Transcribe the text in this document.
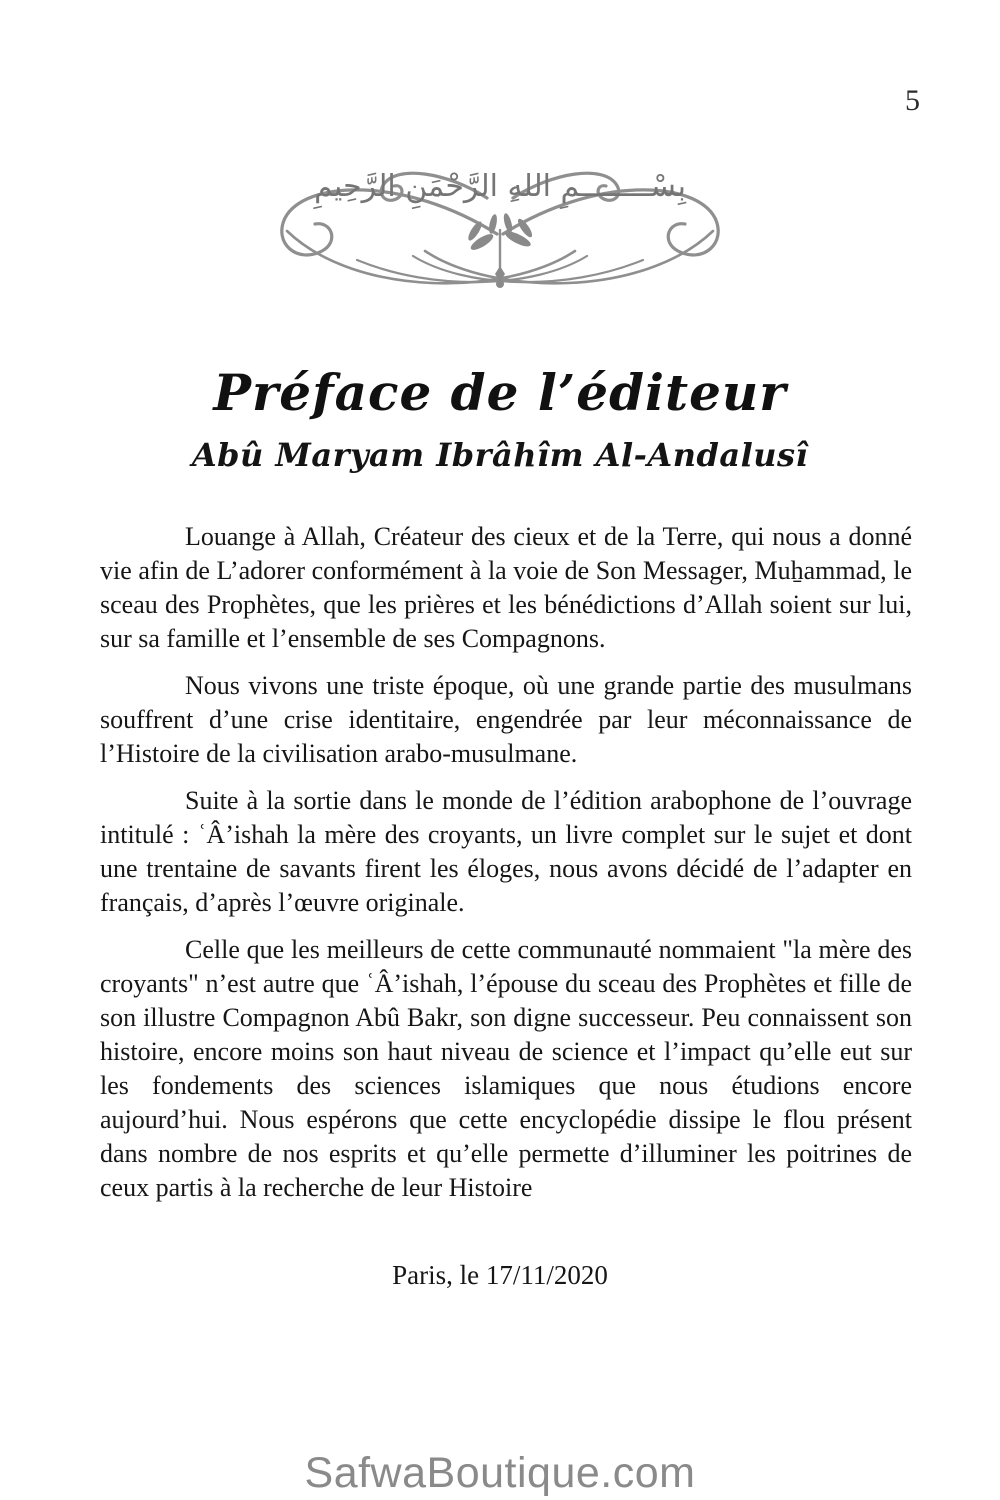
5
بِسْــــــــمِ اللهِ الرَّحْمَنِ الرَّحِيمِ
Préface de l’éditeur
Abû Maryam Ibrâhîm Al-Andalusî

Louange à Allah, Créateur des cieux et de la Terre, qui nous a donné vie afin de L’adorer conformément à la voie de Son Messager, Muẖammad, le sceau des Prophètes, que les prières et les bénédictions d’Allah soient sur lui, sur sa famille et l’ensemble de ses Compagnons.

Nous vivons une triste époque, où une grande partie des musulmans souffrent d’une crise identitaire, engendrée par leur méconnaissance de l’Histoire de la civilisation arabo-musulmane.

Suite à la sortie dans le monde de l’édition arabophone de l’ouvrage intitulé : ʿÂ’ishah la mère des croyants, un livre complet sur le sujet et dont une trentaine de savants firent les éloges, nous avons décidé de l’adapter en français, d’après l’œuvre originale.

Celle que les meilleurs de cette communauté nommaient "la mère des croyants" n’est autre que ʿÂ’ishah, l’épouse du sceau des Prophètes et fille de son illustre Compagnon Abû Bakr, son digne successeur. Peu connaissent son histoire, encore moins son haut niveau de science et l’impact qu’elle eut sur les fondements des sciences islamiques que nous étudions encore aujourd’hui. Nous espérons que cette encyclopédie dissipe le flou présent dans nombre de nos esprits et qu’elle permette d’illuminer les poitrines de ceux partis à la recherche de leur Histoire

Paris, le 17/11/2020
SafwaBoutique.com
